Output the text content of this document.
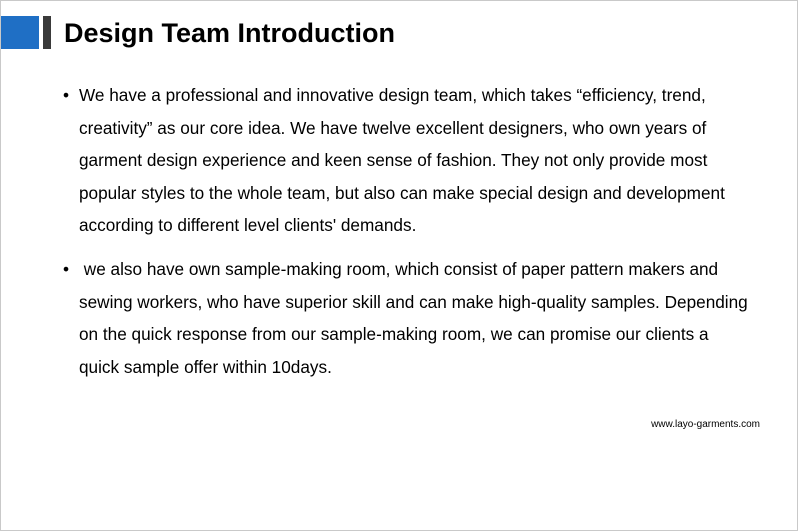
Design Team Introduction
• We have a professional and innovative design team, which takes “efficiency, trend, creativity” as our core idea. We have twelve excellent designers, who own years of garment design experience and keen sense of fashion. They not only provide most popular styles to the whole team, but also can make special design and development according to different level clients' demands.
• we also have own sample-making room, which consist of paper pattern makers and sewing workers, who have superior skill and can make high-quality samples. Depending on the quick response from our sample-making room, we can promise our clients a quick sample offer within 10days.
www.layo-garments.com
